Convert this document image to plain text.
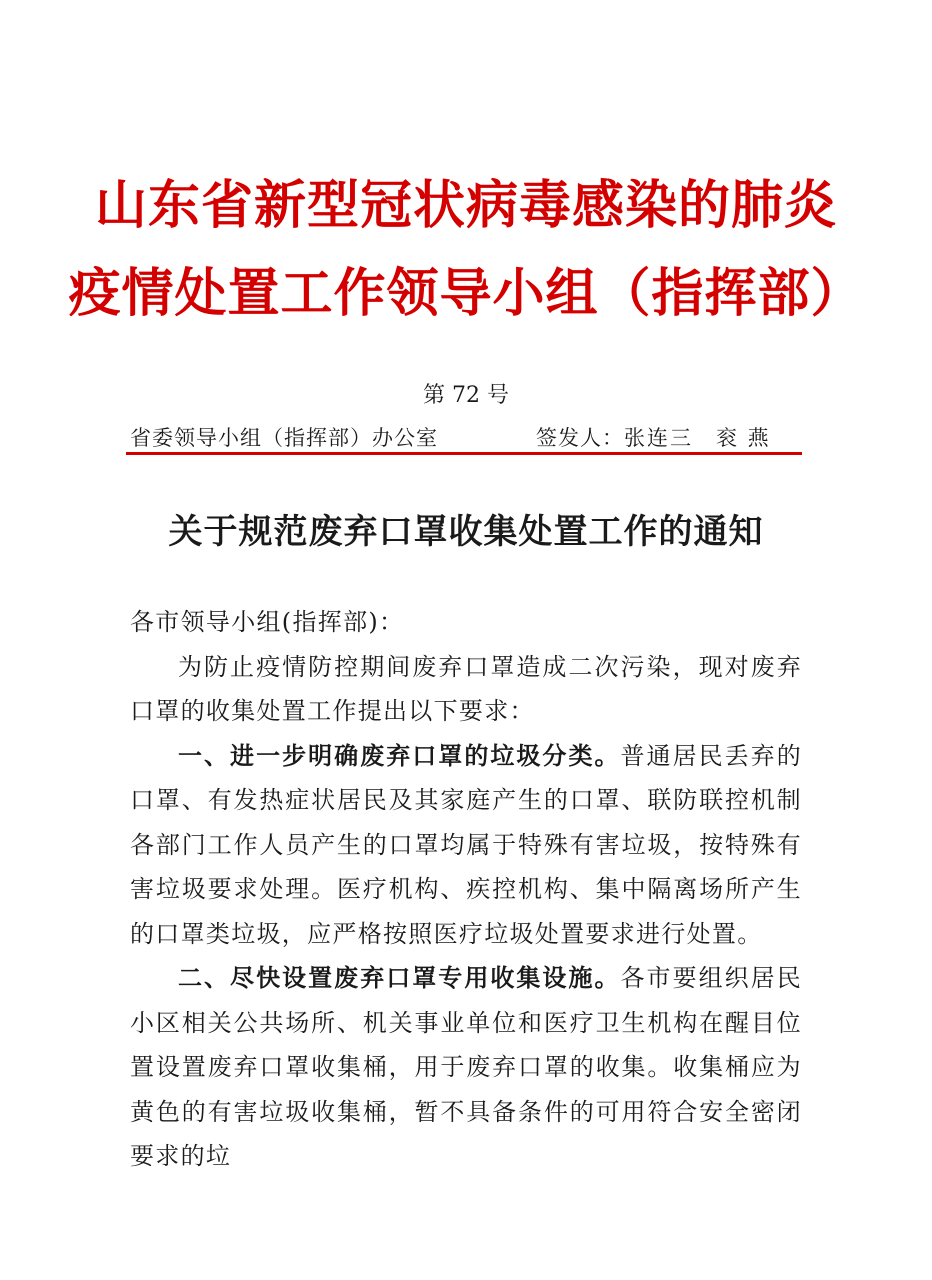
山东省新型冠状病毒感染的肺炎
疫情处置工作领导小组（指挥部）
第 72 号
省委领导小组（指挥部）办公室	签发人：张连三　衮 燕
关于规范废弃口罩收集处置工作的通知

各市领导小组(指挥部)：

为防止疫情防控期间废弃口罩造成二次污染，现对废弃口罩的收集处置工作提出以下要求：

一、进一步明确废弃口罩的垃圾分类。普通居民丢弃的口罩、有发热症状居民及其家庭产生的口罩、联防联控机制各部门工作人员产生的口罩均属于特殊有害垃圾，按特殊有害垃圾要求处理。医疗机构、疾控机构、集中隔离场所产生的口罩类垃圾，应严格按照医疗垃圾处置要求进行处置。

二、尽快设置废弃口罩专用收集设施。各市要组织居民小区相关公共场所、机关事业单位和医疗卫生机构在醒目位置设置废弃口罩收集桶，用于废弃口罩的收集。收集桶应为黄色的有害垃圾收集桶，暂不具备条件的可用符合安全密闭要求的垃
